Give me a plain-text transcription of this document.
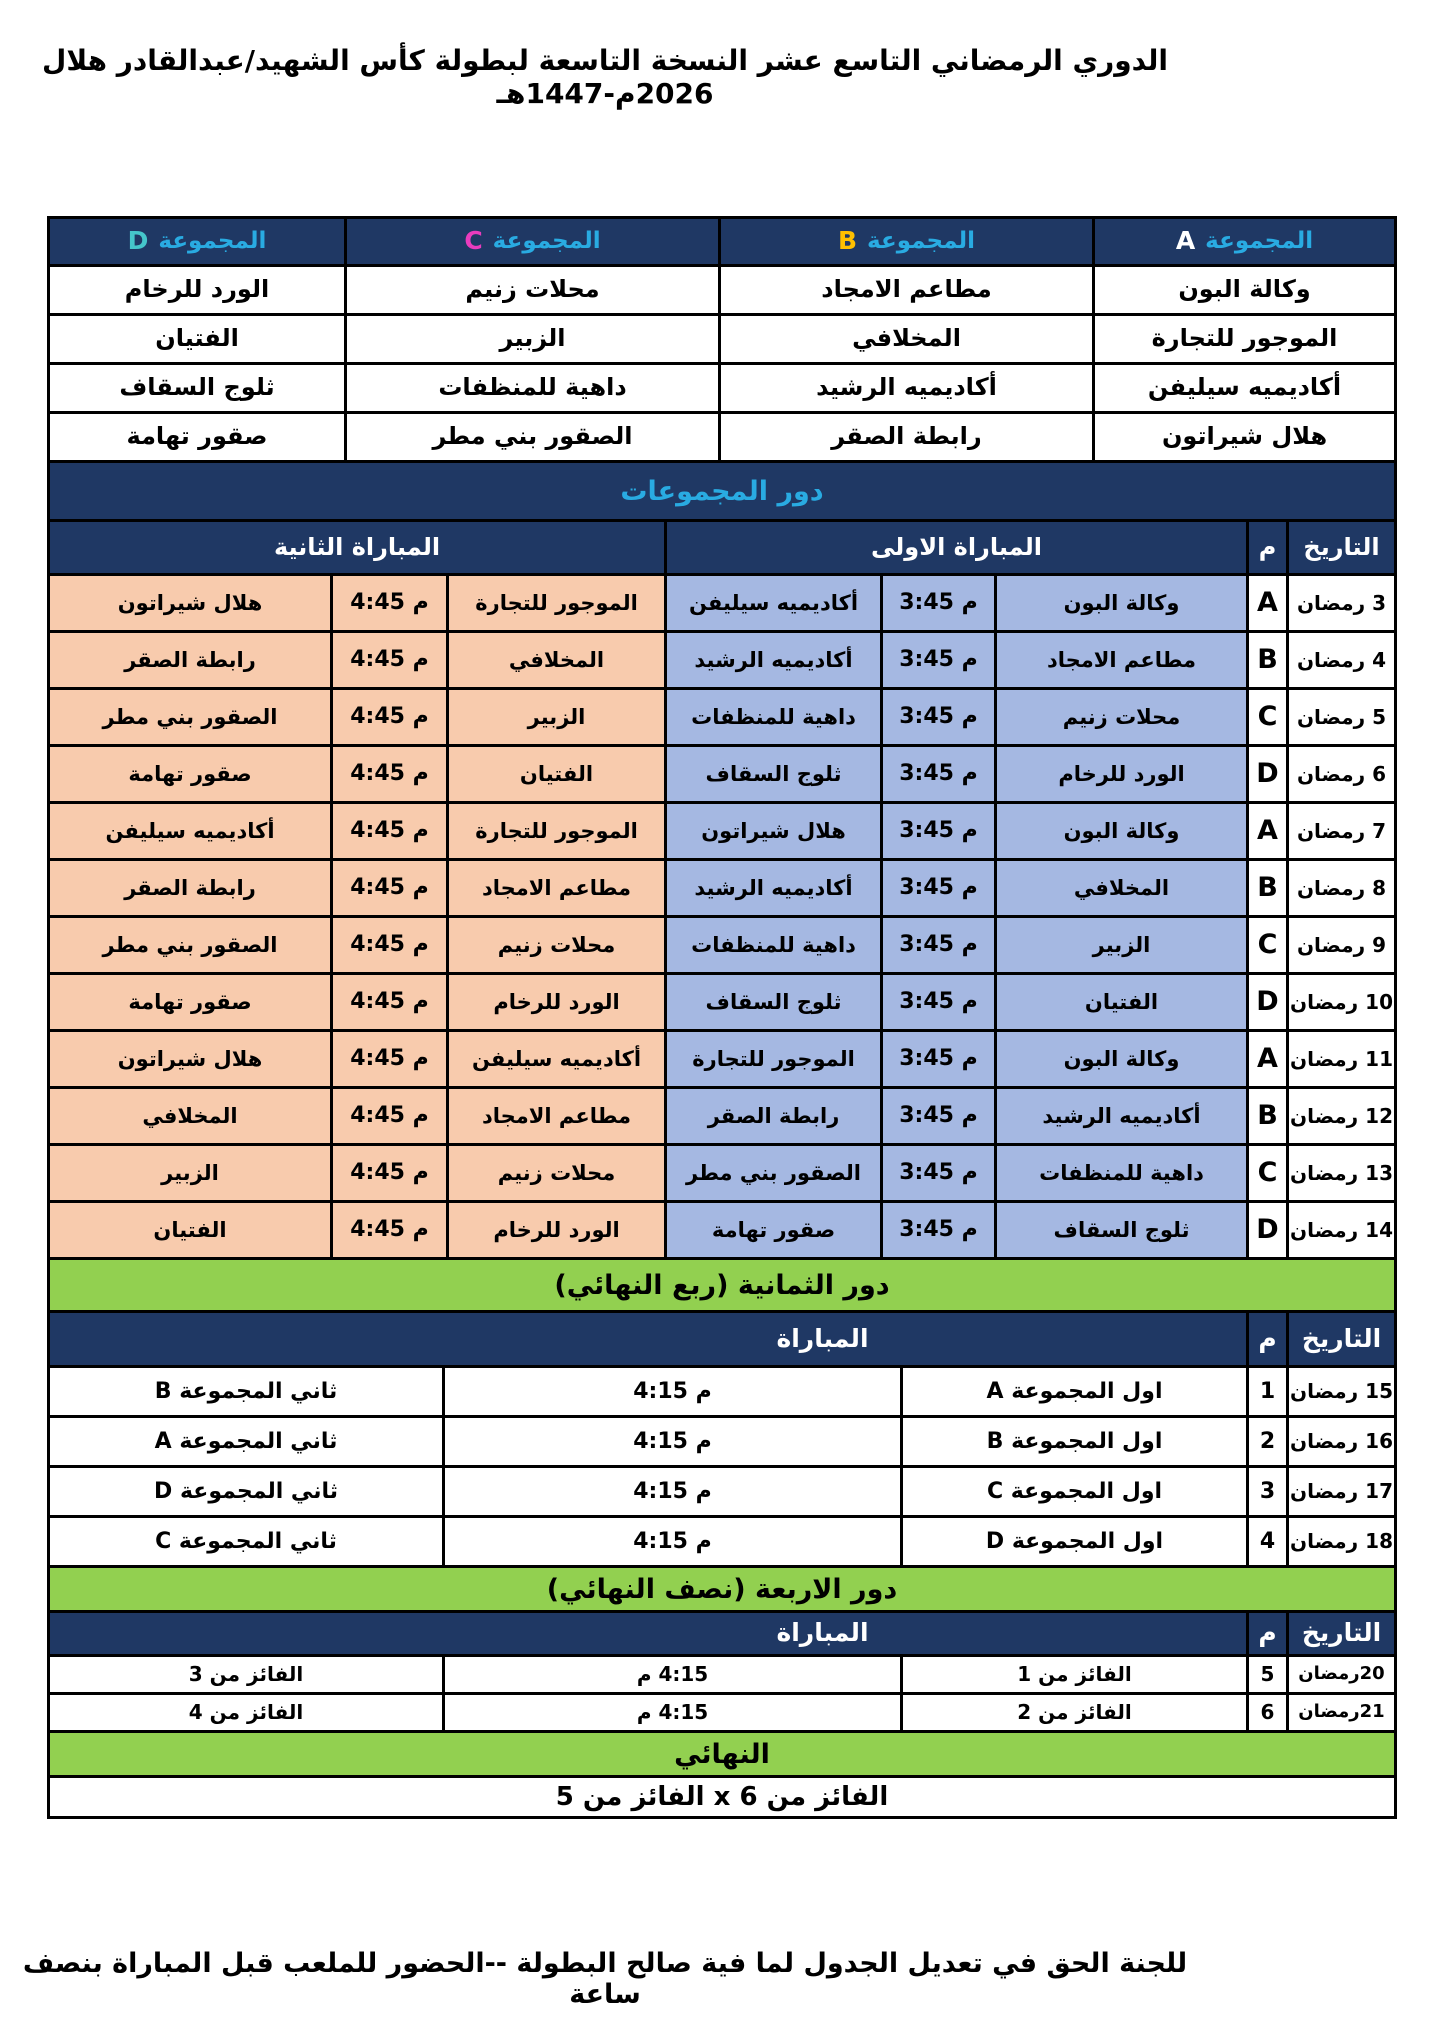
الدوري الرمضاني التاسع عشر النسخة التاسعة لبطولة كأس الشهيد/عبدالقادر هلال 2026م-1447هـ
المجموعة
A
المجموعة
B
المجموعة
C
المجموعة
D
وكالة البون
مطاعم الامجاد
محلات زنيم
الورد للرخام
الموجور للتجارة
المخلافي
الزبير
الفتيان
أكاديميه سيليفن
أكاديميه الرشيد
داهية للمنظفات
ثلوج السقاف
هلال شيراتون
رابطة الصقر
الصقور بني مطر
صقور تهامة
دور المجموعات
التاريخ
م
المباراة الاولى
المباراة الثانية
3 رمضان
A
وكالة البون
م 3:45
أكاديميه سيليفن
الموجور للتجارة
م 4:45
هلال شيراتون
4 رمضان
B
مطاعم الامجاد
م 3:45
أكاديميه الرشيد
المخلافي
م 4:45
رابطة الصقر
5 رمضان
C
محلات زنيم
م 3:45
داهية للمنظفات
الزبير
م 4:45
الصقور بني مطر
6 رمضان
D
الورد للرخام
م 3:45
ثلوج السقاف
الفتيان
م 4:45
صقور تهامة
7 رمضان
A
وكالة البون
م 3:45
هلال شيراتون
الموجور للتجارة
م 4:45
أكاديميه سيليفن
8 رمضان
B
المخلافي
م 3:45
أكاديميه الرشيد
مطاعم الامجاد
م 4:45
رابطة الصقر
9 رمضان
C
الزبير
م 3:45
داهية للمنظفات
محلات زنيم
م 4:45
الصقور بني مطر
10 رمضان
D
الفتيان
م 3:45
ثلوج السقاف
الورد للرخام
م 4:45
صقور تهامة
11 رمضان
A
وكالة البون
م 3:45
الموجور للتجارة
أكاديميه سيليفن
م 4:45
هلال شيراتون
12 رمضان
B
أكاديميه الرشيد
م 3:45
رابطة الصقر
مطاعم الامجاد
م 4:45
المخلافي
13 رمضان
C
داهية للمنظفات
م 3:45
الصقور بني مطر
محلات زنيم
م 4:45
الزبير
14 رمضان
D
ثلوج السقاف
م 3:45
صقور تهامة
الورد للرخام
م 4:45
الفتيان
دور الثمانية (ربع النهائي)
التاريخ
م
المباراة
15 رمضان
1
اول المجموعة A
م 4:15
ثاني المجموعة B
16 رمضان
2
اول المجموعة B
م 4:15
ثاني المجموعة A
17 رمضان
3
اول المجموعة C
م 4:15
ثاني المجموعة D
18 رمضان
4
اول المجموعة D
م 4:15
ثاني المجموعة C
دور الاربعة (نصف النهائي)
التاريخ
م
المباراة
20رمضان
5
الفائز من 1
4:15 م
الفائز من 3
21رمضان
6
الفائز من 2
4:15 م
الفائز من 4
النهائي
الفائز من 6‏ x ‏الفائز من 5
للجنة الحق في تعديل الجدول لما فية صالح البطولة --الحضور للملعب قبل المباراة بنصف ساعة
